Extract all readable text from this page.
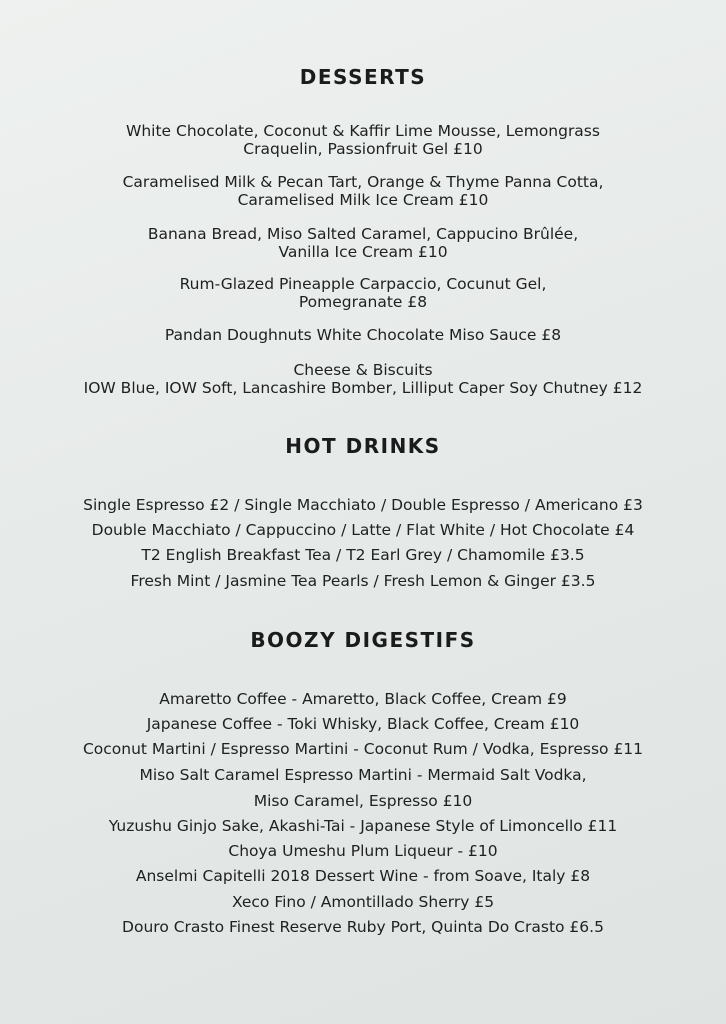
DESSERTS
White Chocolate, Coconut & Kaffir Lime Mousse, Lemongrass
Craquelin, Passionfruit Gel £10
Caramelised Milk & Pecan Tart, Orange & Thyme Panna Cotta,
Caramelised Milk Ice Cream £10
Banana Bread, Miso Salted Caramel, Cappucino Brûlée,
Vanilla Ice Cream £10
Rum-Glazed Pineapple Carpaccio, Cocunut Gel,
Pomegranate £8
Pandan Doughnuts White Chocolate Miso Sauce £8
Cheese & Biscuits
IOW Blue, IOW Soft, Lancashire Bomber, Lilliput Caper Soy Chutney £12
HOT DRINKS
Single Espresso £2 / Single Macchiato / Double Espresso / Americano £3
Double Macchiato / Cappuccino / Latte / Flat White / Hot Chocolate £4
T2 English Breakfast Tea / T2 Earl Grey / Chamomile £3.5
Fresh Mint / Jasmine Tea Pearls / Fresh Lemon & Ginger £3.5
BOOZY DIGESTIFS
Amaretto Coffee - Amaretto, Black Coffee, Cream £9
Japanese Coffee - Toki Whisky, Black Coffee, Cream £10
Coconut Martini / Espresso Martini - Coconut Rum / Vodka, Espresso £11
Miso Salt Caramel Espresso Martini - Mermaid Salt Vodka,
Miso Caramel, Espresso £10
Yuzushu Ginjo Sake, Akashi-Tai - Japanese Style of Limoncello £11
Choya Umeshu Plum Liqueur - £10
Anselmi Capitelli 2018 Dessert Wine - from Soave, Italy £8
Xeco Fino / Amontillado Sherry £5
Douro Crasto Finest Reserve Ruby Port, Quinta Do Crasto £6.5
